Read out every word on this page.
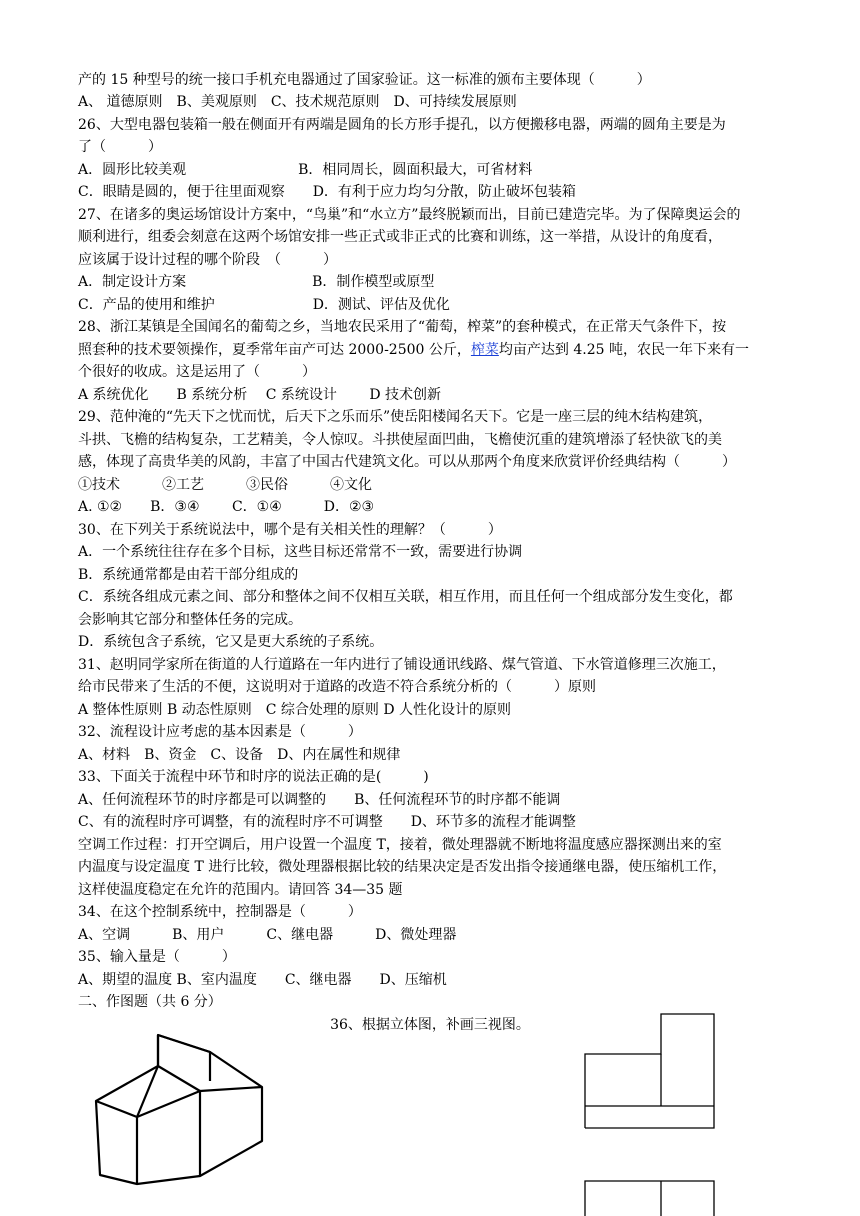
产的 15 种型号的统一接口手机充电器通过了国家验证。这一标准的颁布主要体现（　　　）
A、 道德原则　B、美观原则　C、技术规范原则　D、可持续发展原则
26、大型电器包装箱一般在侧面开有两端是圆角的长方形手提孔，以方便搬移电器，两端的圆角主要是为
了（　　　）
A．圆形比较美观　　　　　　　　B．相同周长，圆面积最大，可省材料
C．眼睛是圆的，便于往里面观察　　D．有利于应力均匀分散，防止破坏包装箱
27、在诸多的奥运场馆设计方案中，“鸟巢”和“水立方”最终脱颖而出，目前已建造完毕。为了保障奥运会的
顺利进行，组委会刻意在这两个场馆安排一些正式或非正式的比赛和训练，这一举措，从设计的角度看，
应该属于设计过程的哪个阶段　（　　　）
A．制定设计方案　　　　　　　　　B．制作模型或原型
C．产品的使用和维护　　　　　　　D．测试、评估及优化
28、浙江某镇是全国闻名的葡萄之乡，当地农民采用了“葡萄，榨菜”的套种模式，在正常天气条件下，按
照套种的技术要领操作，夏季常年亩产可达 2000-2500 公斤，榨菜均亩产达到 4.25 吨，农民一年下来有一
个很好的收成。这是运用了（　　　）
A 系统优化　　B 系统分析　 C 系统设计　　 D 技术创新
29、范仲淹的“先天下之忧而忧，后天下之乐而乐”使岳阳楼闻名天下。它是一座三层的纯木结构建筑，
斗拱、飞檐的结构复杂，工艺精美，令人惊叹。斗拱使屋面凹曲，飞檐使沉重的建筑增添了轻快欲飞的美
感，体现了高贵华美的风韵，丰富了中国古代建筑文化。可以从那两个角度来欣赏评价经典结构（　　　）
①技术　　　②工艺　　　③民俗　　　④文化
A. ①②　　B．③④　　 C．①④　　　D．②③
30、在下列关于系统说法中，哪个是有关相关性的理解？（　　　）
A．一个系统往往存在多个目标，这些目标还常常不一致，需要进行协调
B．系统通常都是由若干部分组成的
C．系统各组成元素之间、部分和整体之间不仅相互关联，相互作用，而且任何一个组成部分发生变化，都
会影响其它部分和整体任务的完成。
D．系统包含子系统，它又是更大系统的子系统。
31、赵明同学家所在街道的人行道路在一年内进行了铺设通讯线路、煤气管道、下水管道修理三次施工，
给市民带来了生活的不便，这说明对于道路的改造不符合系统分析的（　　　）原则
A 整体性原则 B 动态性原则　C 综合处理的原则 D 人性化设计的原则
32、流程设计应考虑的基本因素是（　　　）
A、材料　B、资金　C、设备　D、内在属性和规律
33、下面关于流程中环节和时序的说法正确的是(　　　)
A、任何流程环节的时序都是可以调整的　　B、任何流程环节的时序都不能调
C、有的流程时序可调整，有的流程时序不可调整　　D、环节多的流程才能调整
空调工作过程：打开空调后，用户设置一个温度 T，接着，微处理器就不断地将温度感应器探测出来的室
内温度与设定温度 T 进行比较，微处理器根据比较的结果决定是否发出指令接通继电器，使压缩机工作，
这样使温度稳定在允许的范围内。请回答 34—35 题
34、在这个控制系统中，控制器是（　　　）
A、空调　　　B、用户　　　C、继电器　　　D、微处理器
35、输入量是（　　　）
A、期望的温度 B、室内温度　　C、继电器　　D、压缩机
二、作图题（共 6 分）
36、根据立体图，补画三视图。
